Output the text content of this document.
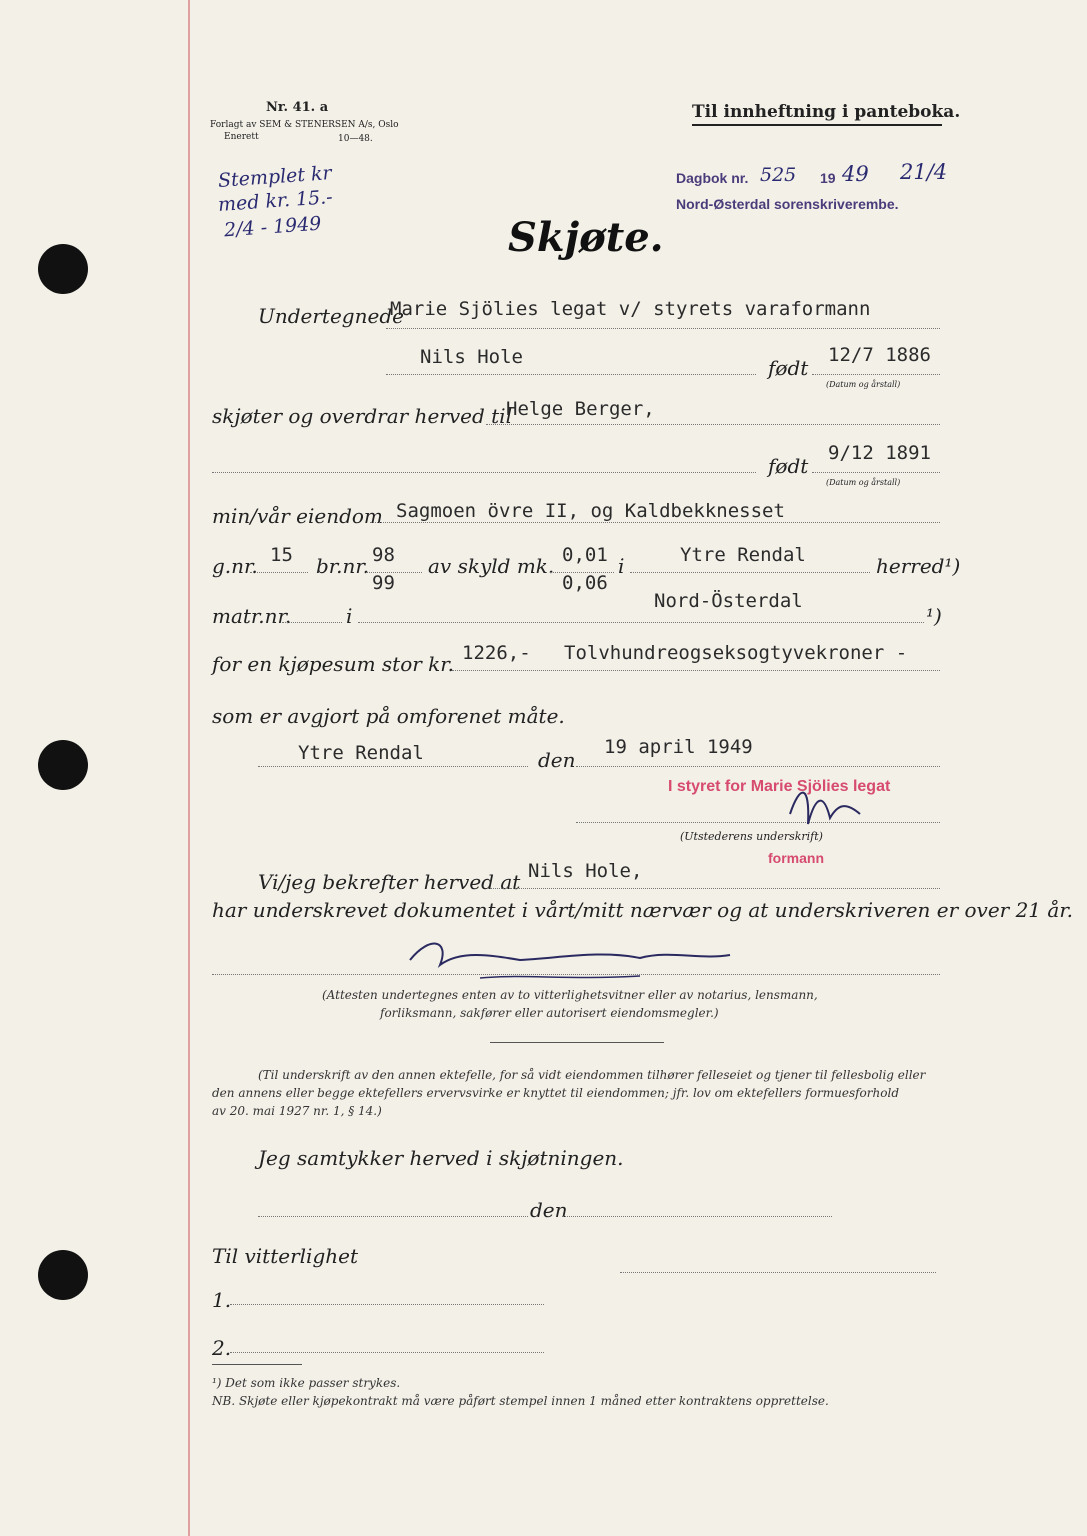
Nr. 41. a
Forlagt av SEM & STENERSEN A/s, Oslo
Enerett	10—48.
Til innheftning i panteboka.
Stemplet kr
med kr. 15.-
2/4 - 1949
Dagbok nr. 525 19 49 21/4
Nord-Østerdal sorenskriverembe.
Skjøte.
Undertegnede
Marie Sjölies legat v/ styrets varaformann
Nils Hole	født
12/7 1886
(Datum og årstall)
skjøter og overdrar herved til
Helge Berger,
født
9/12 1891
(Datum og årstall)
min/vår eiendom Sagmoen övre II, og Kaldbekknesset
g.nr. 15 br.nr. 98
99
av skyld mk. 0,01
0,06
i	Ytre Rendal	herred¹)
matr.nr.	i
Nord-Österdal
¹)
for en kjøpesum stor kr. 1226,- Tolvhundreogseksogtyvekroner -
som er avgjort på omforenet måte.
Ytre Rendal	den
19 april 1949
I styret for Marie Sjölies legat
(Utstederens underskrift)
formann
Vi/jeg bekrefter herved at Nils Hole,
har underskrevet dokumentet i vårt/mitt nærvær og at underskriveren er over 21 år.
(Attesten undertegnes enten av to vitterlighetsvitner eller av notarius, lensmann,
forliksmann, sakfører eller autorisert eiendomsmegler.)
(Til underskrift av den annen ektefelle, for så vidt eiendommen tilhører felleseiet og tjener til fellesbolig eller
den annens eller begge ektefellers ervervsvirke er knyttet til eiendommen; jfr. lov om ektefellers formuesforhold
av 20. mai 1927 nr. 1, § 14.)
Jeg samtykker herved i skjøtningen.
den
Til vitterlighet
1.
2.
¹) Det som ikke passer strykes.
NB. Skjøte eller kjøpekontrakt må være påført stempel innen 1 måned etter kontraktens opprettelse.
